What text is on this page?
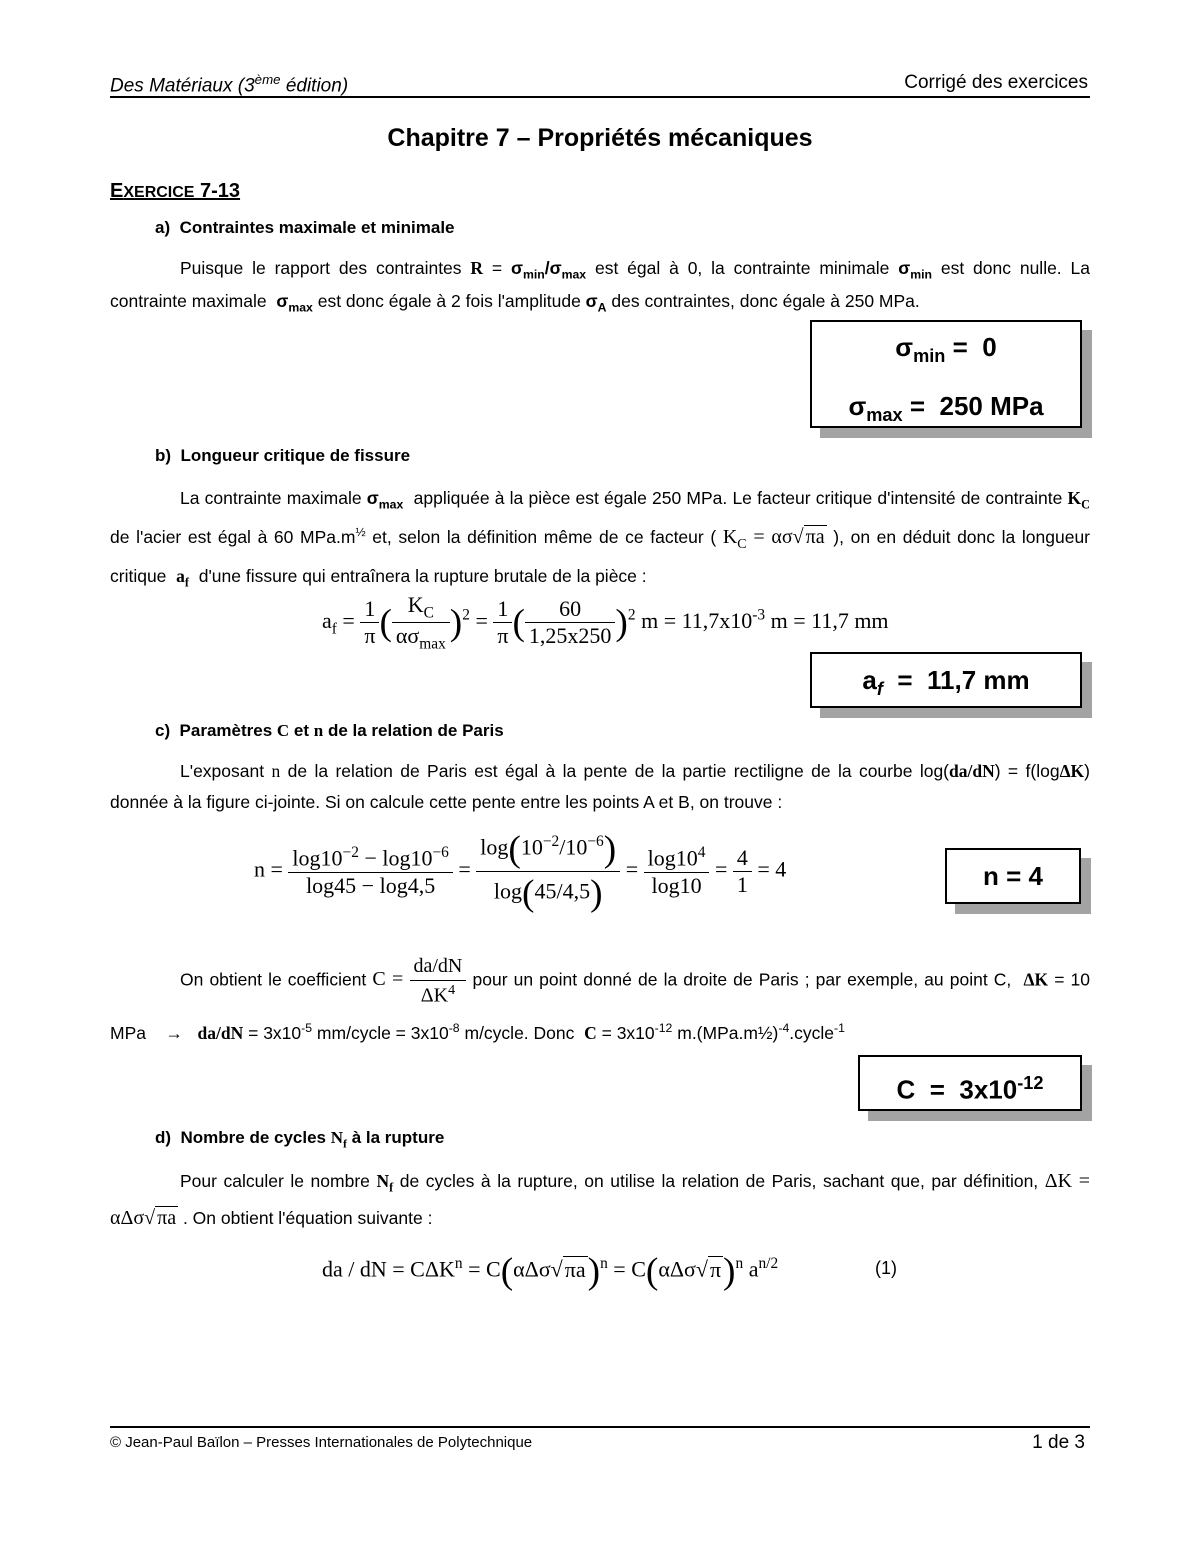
Des Matériaux (3ème édition)	Corrigé des exercices
Chapitre 7 – Propriétés mécaniques
EXERCICE 7-13
a) Contraintes maximale et minimale
Puisque le rapport des contraintes $R = \sigma_{min}/\sigma_{max}$ est égal à 0, la contrainte minimale $\sigma_{min}$ est donc nulle. La contrainte maximale  $\sigma_{max}$ est donc égale à 2 fois l'amplitude $\sigma_A$ des contraintes, donc égale à 250 MPa.
$\sigma_{min} = 0$
$\sigma_{max} = 250$ MPa
b) Longueur critique de fissure
La contrainte maximale $\sigma_{max}$  appliquée à la pièce est égale 250 MPa. Le facteur critique d'intensité de contrainte $K_C$ de l'acier est égal à 60 $MPa.m^{\frac{1}{2}}$ et, selon la définition même de ce facteur ( $K_C = \alpha\sigma√$ πa ), on en déduit donc la longueur critique  $a_f$  d'une fissure qui entraînera la rupture brutale de la pièce :
$a_f = \frac{1}{\pi}$ ( $\frac{K_C}{\alpha\sigma_{max}} )^2 = \frac{1}{\pi}$ ( $\frac{60}{1,25x250} )^2$ $m = 11,7x10^{-3}$ m = 11,7 mm
$a_f = 11,7$ mm
c)  Paramètres C et n de la relation de Paris
L'exposant n de la relation de Paris est égal à la pente de la partie rectiligne de la courbe log(da/dN) = f(logΔK) donnée à la figure ci-jointe. Si on calcule cette pente entre les points A et B, on trouve :
$n = \frac{\log 10^{-2} - \log 10^{-6}}{\log 45 - \log 4,5} = \frac{\log(10^{-2}/10^{-6})}{\log(45/4,5)} = \frac{\log 10^4}{\log 10} = \frac{4}{1} = 4$	n = 4
On obtient le coefficient $C = \frac{da/dN}{\Delta K^4}$ pour un point donné de la droite de Paris ; par exemple, au point C,  ΔK = 10 MPa    →   $da/dN = 3x10^{-5}$ mm/cycle = $3x10^{-8}$ m/cycle. Donc  $C = 3x10^{-12}$ m.(MPa.m½)$^{-4}$.cycle$^{-1}$
$C = 3x10^{-12}$
d)  Nombre de cycles $N_f$ à la rupture
Pour calculer le nombre $N_f$ de cycles à la rupture, on utilise la relation de Paris, sachant que, par définition, ΔK = αΔσ√ πa . On obtient l'équation suivante :
da / dN = $C\Delta K^n = C(\alpha\Delta\sigma√\pi a)^n = C(\alpha\Delta\sigma√\pi)^n$ $a^{n/2}$	(1)
© Jean-Paul Baïlon – Presses Internationales de Polytechnique	1 de 3
